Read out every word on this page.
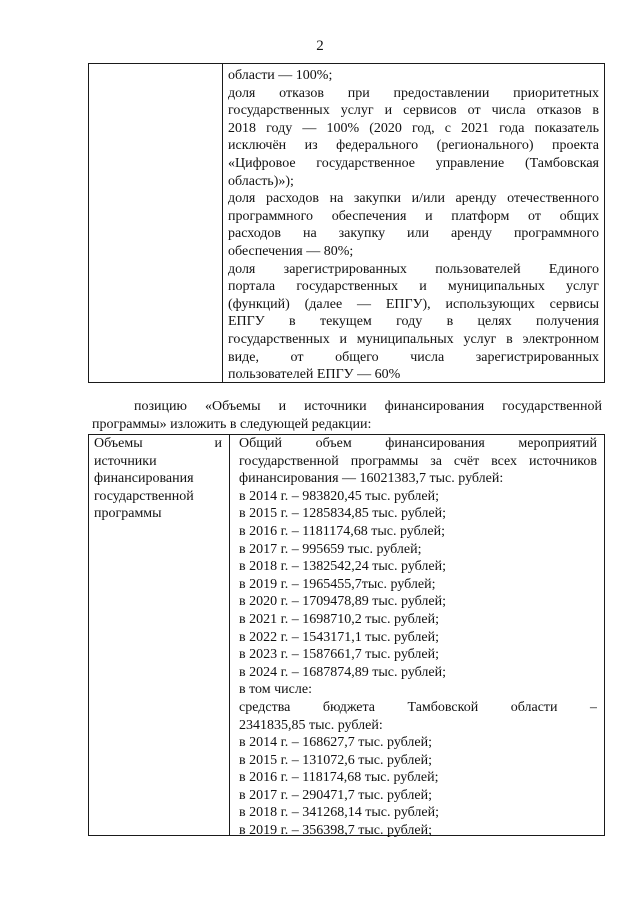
2
области — 100%;
доля отказов при предоставлении приоритетных
государственных услуг и сервисов от числа отказов в
2018 году — 100% (2020 год, с 2021 года показатель
исключён из федерального (регионального) проекта
«Цифровое государственное управление (Тамбовская
область)»);
доля расходов на закупки и/или аренду отечественного
программного обеспечения и платформ от общих
расходов на закупку или аренду программного
обеспечения — 80%;
доля зарегистрированных пользователей Единого
портала государственных и муниципальных услуг
(функций) (далее — ЕПГУ), использующих сервисы
ЕПГУ в текущем году в целях получения
государственных и муниципальных услуг в электронном
виде, от общего числа зарегистрированных
пользователей ЕПГУ — 60%
позицию «Объемы и источники финансирования государственной
программы» изложить в следующей редакции:
Объемы и
источники
финансирования
государственной
программы
Общий объем финансирования мероприятий
государственной программы за счёт всех источников
финансирования — 16021383,7 тыс. рублей:
в 2014 г. – 983820,45 тыс. рублей;
в 2015 г. – 1285834,85 тыс. рублей;
в 2016 г. – 1181174,68 тыс. рублей;
в 2017 г. – 995659 тыс. рублей;
в 2018 г. – 1382542,24 тыс. рублей;
в 2019 г. – 1965455,7тыс. рублей;
в 2020 г. – 1709478,89 тыс. рублей;
в 2021 г. – 1698710,2 тыс. рублей;
в 2022 г. – 1543171,1 тыс. рублей;
в 2023 г. – 1587661,7 тыс. рублей;
в 2024 г. – 1687874,89 тыс. рублей;
в том числе:
средства бюджета Тамбовской области –
2341835,85 тыс. рублей:
в 2014 г. – 168627,7 тыс. рублей;
в 2015 г. – 131072,6 тыс. рублей;
в 2016 г. – 118174,68 тыс. рублей;
в 2017 г. – 290471,7 тыс. рублей;
в 2018 г. – 341268,14 тыс. рублей;
в 2019 г. – 356398,7 тыс. рублей;
